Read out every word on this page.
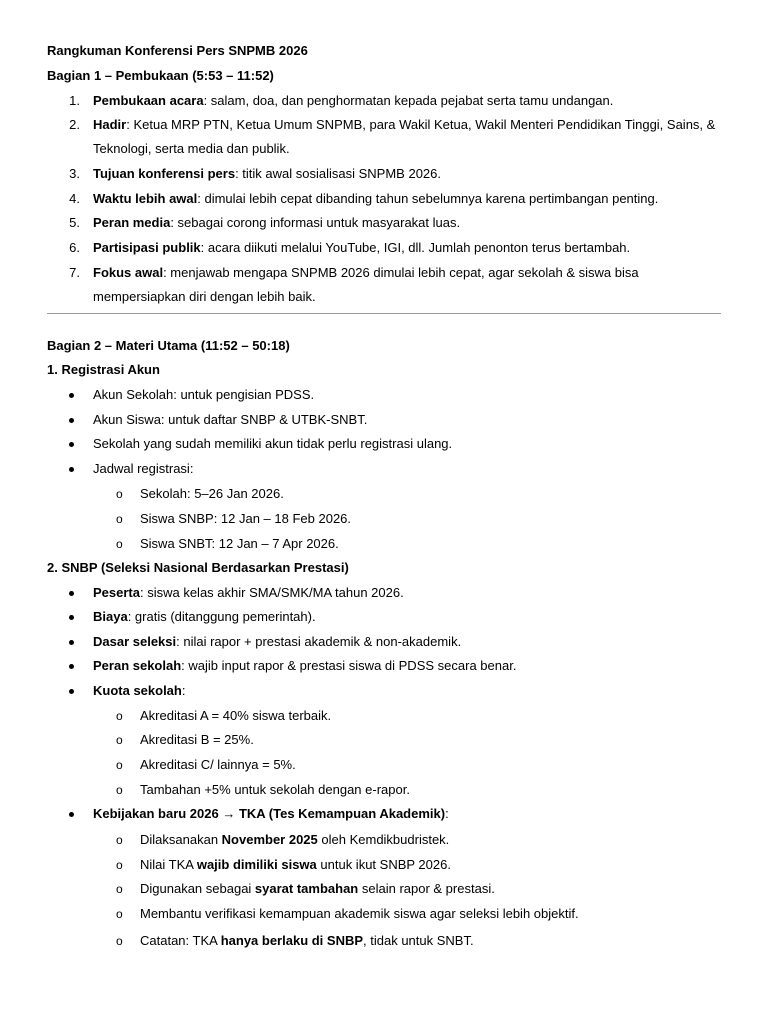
Rangkuman Konferensi Pers SNPMB 2026
Bagian 1 – Pembukaan (5:53 – 11:52)
1. Pembukaan acara: salam, doa, dan penghormatan kepada pejabat serta tamu undangan.
2. Hadir: Ketua MRP PTN, Ketua Umum SNPMB, para Wakil Ketua, Wakil Menteri Pendidikan Tinggi, Sains, &
Teknologi, serta media dan publik.
3. Tujuan konferensi pers: titik awal sosialisasi SNPMB 2026.
4. Waktu lebih awal: dimulai lebih cepat dibanding tahun sebelumnya karena pertimbangan penting.
5. Peran media: sebagai corong informasi untuk masyarakat luas.
6. Partisipasi publik: acara diikuti melalui YouTube, IGI, dll. Jumlah penonton terus bertambah.
7. Fokus awal: menjawab mengapa SNPMB 2026 dimulai lebih cepat, agar sekolah & siswa bisa
mempersiapkan diri dengan lebih baik.
Bagian 2 – Materi Utama (11:52 – 50:18)
1. Registrasi Akun
Akun Sekolah: untuk pengisian PDSS.
Akun Siswa: untuk daftar SNBP & UTBK-SNBT.
Sekolah yang sudah memiliki akun tidak perlu registrasi ulang.
Jadwal registrasi:
o Sekolah: 5–26 Jan 2026.
o Siswa SNBP: 12 Jan – 18 Feb 2026.
o Siswa SNBT: 12 Jan – 7 Apr 2026.
2. SNBP (Seleksi Nasional Berdasarkan Prestasi)
Peserta: siswa kelas akhir SMA/SMK/MA tahun 2026.
Biaya: gratis (ditanggung pemerintah).
Dasar seleksi: nilai rapor + prestasi akademik & non-akademik.
Peran sekolah: wajib input rapor & prestasi siswa di PDSS secara benar.
Kuota sekolah:
o Akreditasi A = 40% siswa terbaik.
o Akreditasi B = 25%.
o Akreditasi C/ lainnya = 5%.
o Tambahan +5% untuk sekolah dengan e-rapor.
Kebijakan baru 2026 → TKA (Tes Kemampuan Akademik):
o Dilaksanakan November 2025 oleh Kemdikbudristek.
o Nilai TKA wajib dimiliki siswa untuk ikut SNBP 2026.
o Digunakan sebagai syarat tambahan selain rapor & prestasi.
o Membantu verifikasi kemampuan akademik siswa agar seleksi lebih objektif.
o Catatan: TKA hanya berlaku di SNBP, tidak untuk SNBT.
